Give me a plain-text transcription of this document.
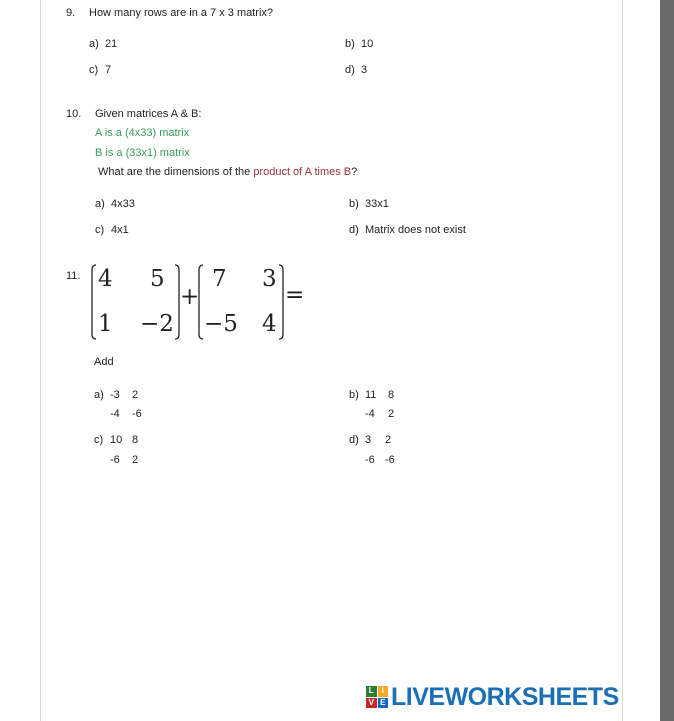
9. How many rows are in a 7 x 3 matrix?
a) 21	b) 10
c) 7	d) 3
10. Given matrices A & B:
A is a (4x33) matrix
B is a (33x1) matrix
What are the dimensions of the product of A times B?
a) 4x33	b) 33x1
c) 4x1	d) Matrix does not exist
11. 4 5
1 −2
+
7 3
−5 4
=
Add
a) -3 2
-4 -6
b) 11 8
-4 2
c) 10 8
-6 2
d) 3 2
-6 -6
L I
V E LIVEWORKSHEETS
